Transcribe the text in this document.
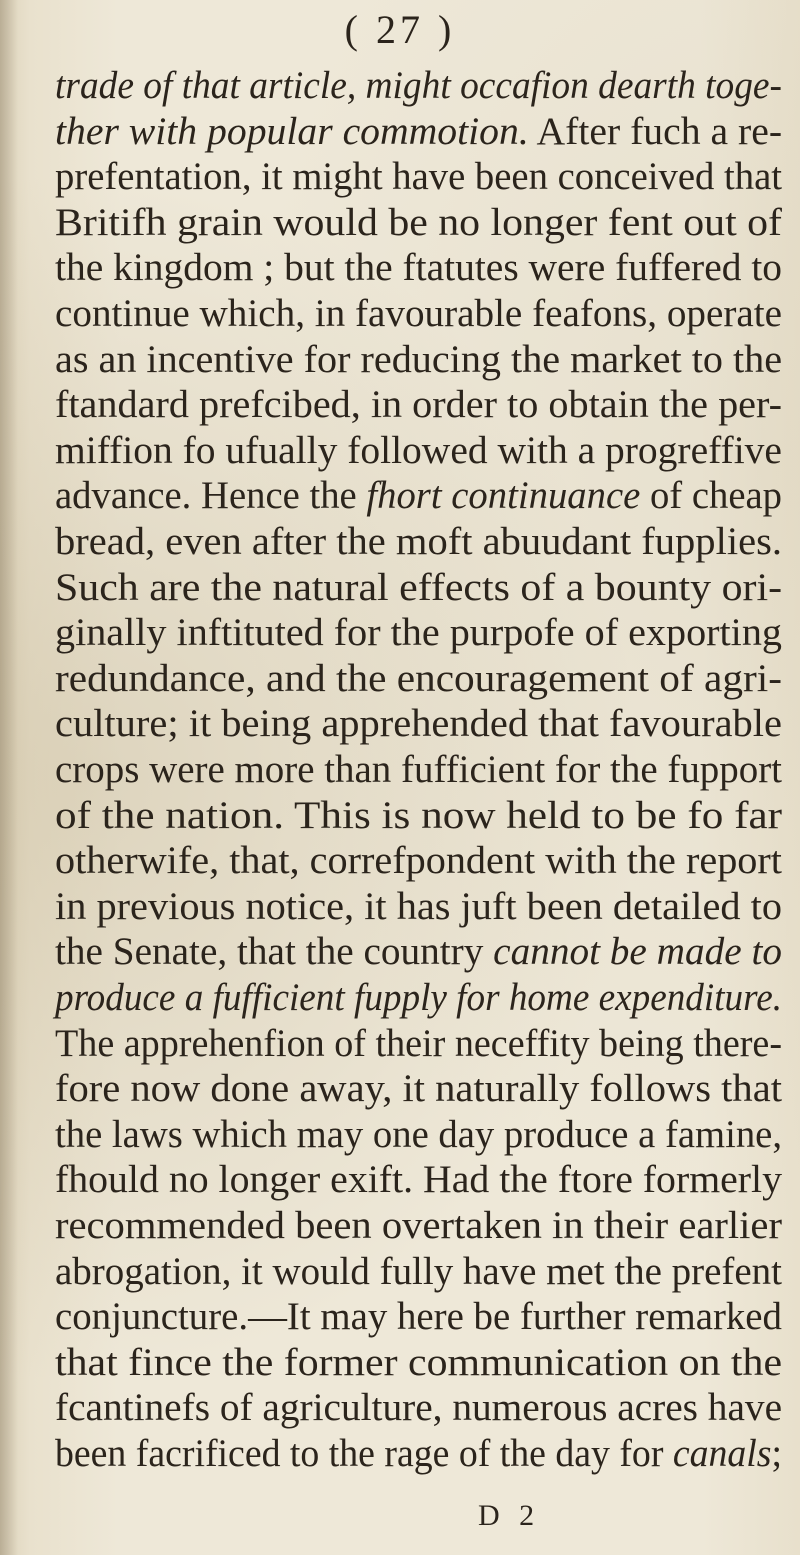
( 27 )
trade of that article, might occafion dearth toge-
ther with popular commotion. After fuch a re-
prefentation, it might have been conceived that
Britifh grain would be no longer fent out of
the kingdom ; but the ftatutes were fuffered to
continue which, in favourable feafons, operate
as an incentive for reducing the market to the
ftandard prefcibed, in order to obtain the per-
miffion fo ufually followed with a progreffive
advance. Hence the fhort continuance of cheap
bread, even after the moft abuudant fupplies.
Such are the natural effects of a bounty ori-
ginally inftituted for the purpofe of exporting
redundance, and the encouragement of agri-
culture; it being apprehended that favourable
crops were more than fufficient for the fupport
of the nation. This is now held to be fo far
otherwife, that, correfpondent with the report
in previous notice, it has juft been detailed to
the Senate, that the country cannot be made to
produce a fufficient fupply for home expenditure.
The apprehenfion of their neceffity being there-
fore now done away, it naturally follows that
the laws which may one day produce a famine,
fhould no longer exift. Had the ftore formerly
recommended been overtaken in their earlier
abrogation, it would fully have met the prefent
conjuncture.—It may here be further remarked
that fince the former communication on the
fcantinefs of agriculture, numerous acres have
been facrificed to the rage of the day for canals;
D 2
